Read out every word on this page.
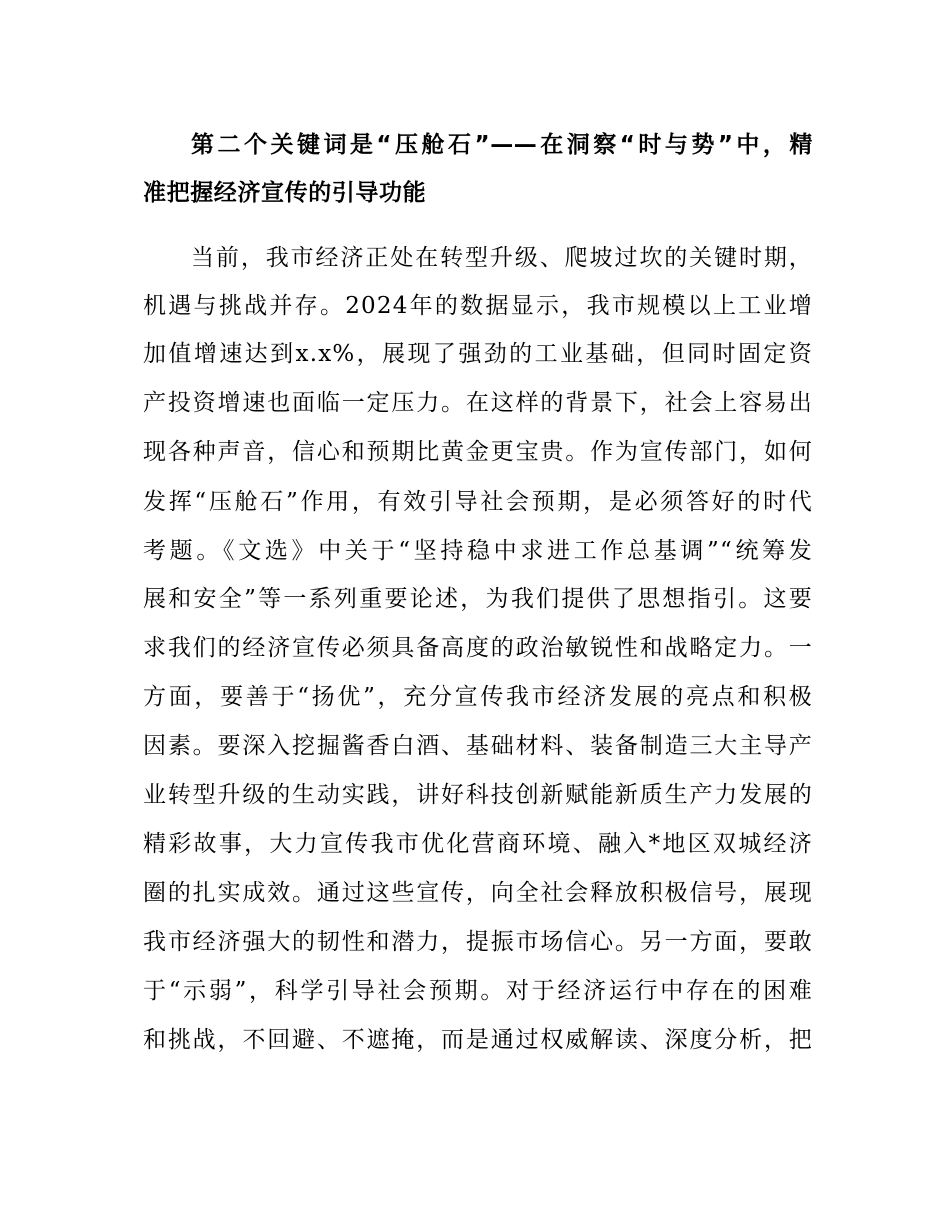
第二个关键词是“压舱石”——在洞察“时与势”中，精
准把握经济宣传的引导功能
当前，我市经济正处在转型升级、爬坡过坎的关键时期，
机遇与挑战并存。2024年的数据显示，我市规模以上工业增
加值增速达到x.x%，展现了强劲的工业基础，但同时固定资
产投资增速也面临一定压力。在这样的背景下，社会上容易出
现各种声音，信心和预期比黄金更宝贵。作为宣传部门，如何
发挥“压舱石”作用，有效引导社会预期，是必须答好的时代
考题。《文选》中关于“坚持稳中求进工作总基调”“统筹发
展和安全”等一系列重要论述，为我们提供了思想指引。这要
求我们的经济宣传必须具备高度的政治敏锐性和战略定力。一
方面，要善于“扬优”，充分宣传我市经济发展的亮点和积极
因素。要深入挖掘酱香白酒、基础材料、装备制造三大主导产
业转型升级的生动实践，讲好科技创新赋能新质生产力发展的
精彩故事，大力宣传我市优化营商环境、融入*地区双城经济
圈的扎实成效。通过这些宣传，向全社会释放积极信号，展现
我市经济强大的韧性和潜力，提振市场信心。另一方面，要敢
于“示弱”，科学引导社会预期。对于经济运行中存在的困难
和挑战，不回避、不遮掩，而是通过权威解读、深度分析，把
